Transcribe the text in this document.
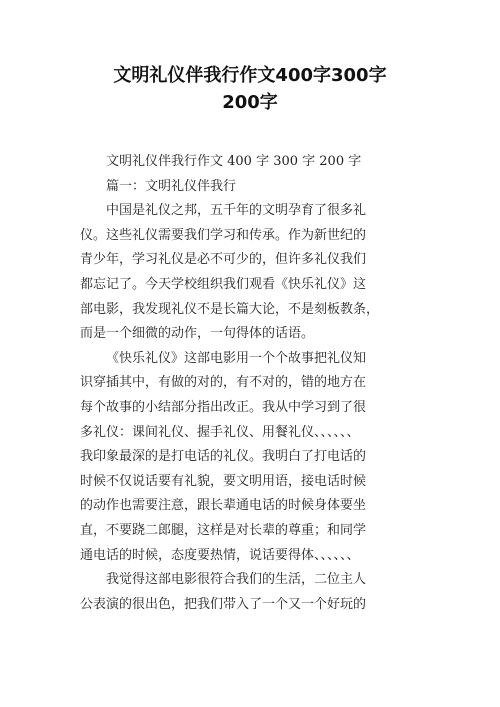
文明礼仪伴我行作文400字300字
200字
文明礼仪伴我行作文 400 字 300 字 200 字
篇一：文明礼仪伴我行
中国是礼仪之邦，五千年的文明孕育了很多礼
仪。这些礼仪需要我们学习和传承。作为新世纪的
青少年，学习礼仪是必不可少的，但许多礼仪我们
都忘记了。今天学校组织我们观看《快乐礼仪》这
部电影，我发现礼仪不是长篇大论，不是刻板教条，
而是一个细微的动作，一句得体的话语。
《快乐礼仪》这部电影用一个个故事把礼仪知
识穿插其中，有做的对的，有不对的，错的地方在
每个故事的小结部分指出改正。我从中学习到了很
多礼仪：课间礼仪、握手礼仪、用餐礼仪、、、、、、
我印象最深的是打电话的礼仪。我明白了打电话的
时候不仅说话要有礼貌，要文明用语，接电话时候
的动作也需要注意，跟长辈通电话的时候身体要坐
直，不要跷二郎腿，这样是对长辈的尊重；和同学
通电话的时候，态度要热情，说话要得体、、、、、、
我觉得这部电影很符合我们的生活，二位主人
公表演的很出色，把我们带入了一个又一个好玩的
